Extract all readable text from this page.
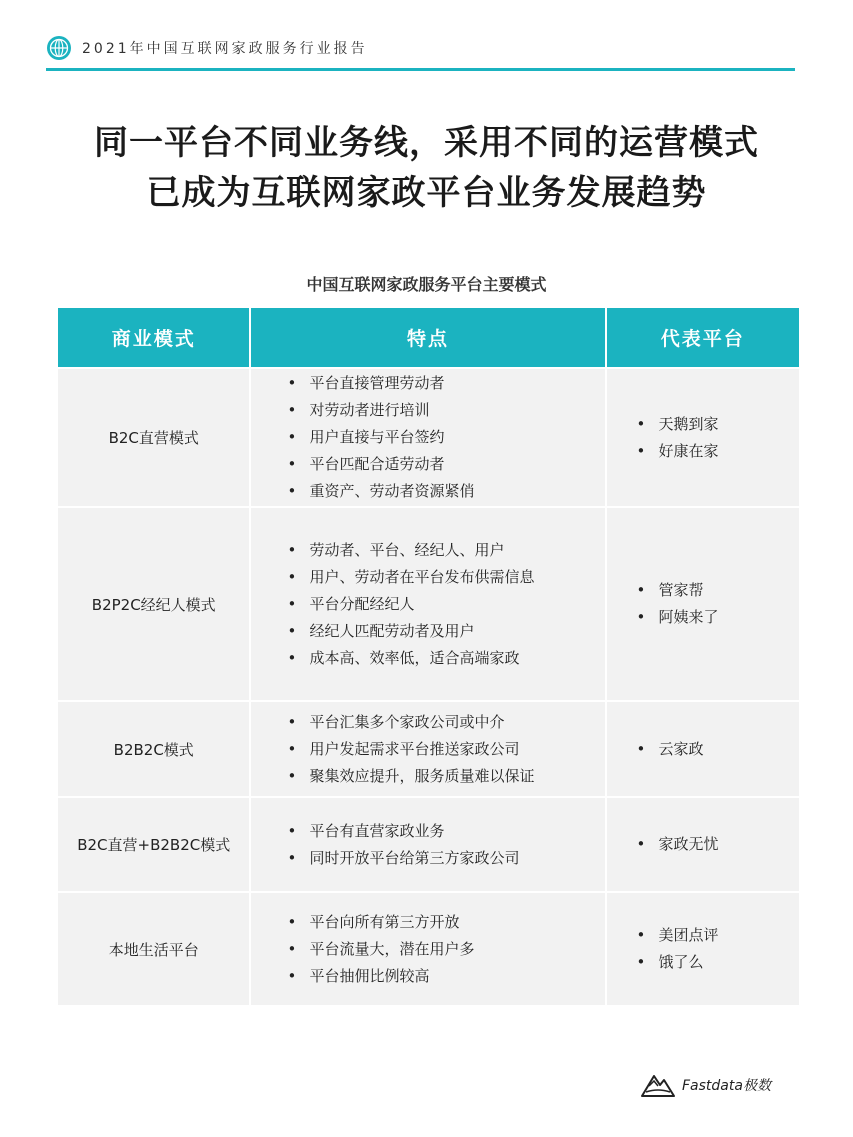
2021年中国互联网家政服务行业报告
同一平台不同业务线，采用不同的运营模式
已成为互联网家政平台业务发展趋势
中国互联网家政服务平台主要模式
商业模式	特点	代表平台
B2C直营模式
• 平台直接管理劳动者
• 对劳动者进行培训
• 用户直接与平台签约
• 平台匹配合适劳动者
• 重资产、劳动者资源紧俏
• 天鹅到家
• 好康在家
B2P2C经纪人模式
• 劳动者、平台、经纪人、用户
• 用户、劳动者在平台发布供需信息
• 平台分配经纪人
• 经纪人匹配劳动者及用户
• 成本高、效率低，适合高端家政
• 管家帮
• 阿姨来了
B2B2C模式
• 平台汇集多个家政公司或中介
• 用户发起需求平台推送家政公司
• 聚集效应提升，服务质量难以保证
• 云家政
B2C直营+B2B2C模式
• 平台有直营家政业务
• 同时开放平台给第三方家政公司
• 家政无忧
本地生活平台
• 平台向所有第三方开放
• 平台流量大，潜在用户多
• 平台抽佣比例较高
• 美团点评
• 饿了么
Fastdata极数
